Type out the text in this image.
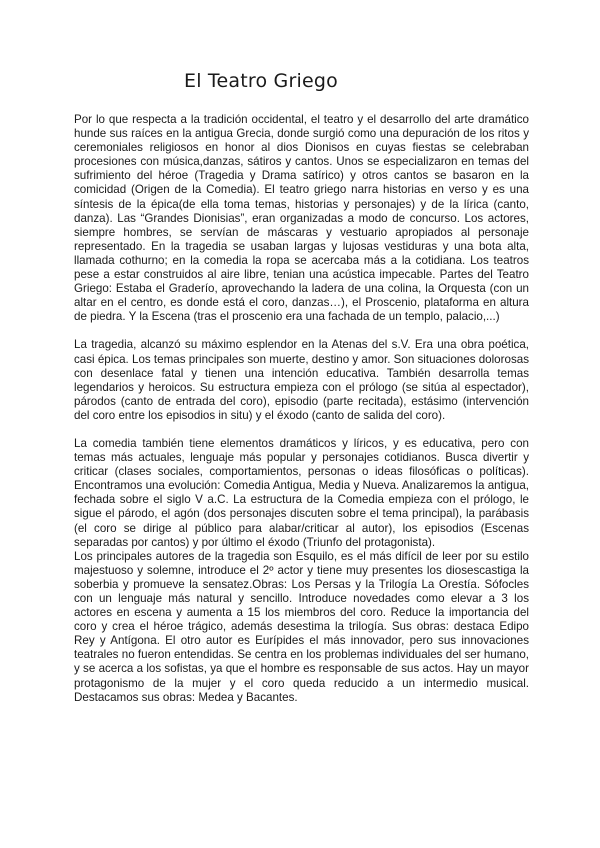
El Teatro Griego

Por lo que respecta a la tradición occidental, el teatro y el desarrollo del arte dramático hunde sus raíces en la antigua Grecia, donde surgió como una depuración de los ritos y ceremoniales religiosos en honor al dios Dionisos en cuyas fiestas se celebraban procesiones con música,danzas, sátiros y cantos. Unos se especializaron en temas del sufrimiento del héroe (Tragedia y Drama satírico) y otros cantos se basaron en la comicidad (Origen de la Comedia). El teatro griego narra historias en verso y es una síntesis de la épica(de ella toma temas, historias y personajes) y de la lírica (canto, danza). Las “Grandes Dionisias”, eran organizadas a modo de concurso. Los actores, siempre hombres, se servían de máscaras y vestuario apropiados al personaje representado. En la tragedia se usaban largas y lujosas vestiduras y una bota alta, llamada cothurno; en la comedia la ropa se acercaba más a la cotidiana. Los teatros pese a estar construidos al aire libre, tenian una acústica impecable. Partes del Teatro Griego: Estaba el Graderío, aprovechando la ladera de una colina, la Orquesta (con un altar en el centro, es donde está el coro, danzas…), el Proscenio, plataforma en altura de piedra. Y la Escena (tras el proscenio era una fachada de un templo, palacio,...)

La tragedia, alcanzó su máximo esplendor en la Atenas del s.V. Era una obra poética, casi épica. Los temas principales son muerte, destino y amor. Son situaciones dolorosas con desenlace fatal y tienen una intención educativa. También desarrolla temas legendarios y heroicos. Su estructura empieza con el prólogo (se sitúa al espectador), párodos (canto de entrada del coro), episodio (parte recitada), estásimo (intervención del coro entre los episodios in situ) y el éxodo (canto de salida del coro).

La comedia también tiene elementos dramáticos y líricos, y es educativa, pero con temas más actuales, lenguaje más popular y personajes cotidianos. Busca divertir y criticar (clases sociales, comportamientos, personas o ideas filosóficas o políticas). Encontramos una evolución: Comedia Antigua, Media y Nueva. Analizaremos la antigua, fechada sobre el siglo V a.C. La estructura de la Comedia empieza con el prólogo, le sigue el párodo, el agón (dos personajes discuten sobre el tema principal), la parábasis (el coro se dirige al público para alabar/criticar al autor), los episodios (Escenas separadas por cantos) y por último el éxodo (Triunfo del protagonista).

Los principales autores de la tragedia son Esquilo, es el más difícil de leer por su estilo majestuoso y solemne, introduce el 2º actor y tiene muy presentes los diosescastiga la soberbia y promueve la sensatez.Obras: Los Persas y la Trilogía La Orestía. Sófocles con un lenguaje más natural y sencillo. Introduce novedades como elevar a 3 los actores en escena y aumenta a 15 los miembros del coro. Reduce la importancia del coro y crea el héroe trágico, además desestima la trilogía. Sus obras: destaca Edipo Rey y Antígona. El otro autor es Eurípides el más innovador, pero sus innovaciones teatrales no fueron entendidas. Se centra en los problemas individuales del ser humano, y se acerca a los sofistas, ya que el hombre es responsable de sus actos. Hay un mayor protagonismo de la mujer y el coro queda reducido a un intermedio musical. Destacamos sus obras: Medea y Bacantes.
